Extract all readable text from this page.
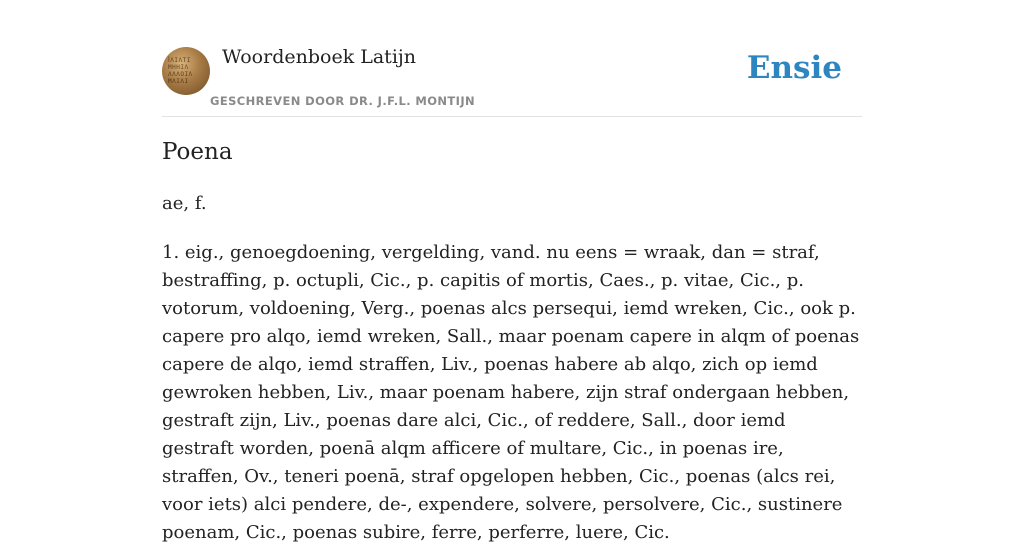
ꟾΛΙΛΤΙ ΜΗΗΙΛ ΛΛΛΟΙΛ ΜΛΙΛΙ
Woordenboek Latijn
GESCHREVEN DOOR DR. J.F.L. MONTIJN
Ensie
Poena
ae, f.

1. eig., genoegdoening, vergelding, vand. nu eens = wraak, dan = straf, bestraffing, p. octupli, Cic., p. capitis of mortis, Caes., p. vitae, Cic., p. votorum, voldoening, Verg., poenas alcs persequi, iemd wreken, Cic., ook p. capere pro alqo, iemd wreken, Sall., maar poenam capere in alqm of poenas capere de alqo, iemd straffen, Liv., poenas habere ab alqo, zich op iemd gewroken hebben, Liv., maar poenam habere, zijn straf ondergaan hebben, gestraft zijn, Liv., poenas dare alci, Cic., of reddere, Sall., door iemd gestraft worden, poenā alqm afficere of multare, Cic., in poenas ire, straffen, Ov., teneri poenā, straf opgelopen hebben, Cic., poenas (alcs rei, voor iets) alci pendere, de-, expendere, solvere, persolvere, Cic., sustinere poenam, Cic., poenas subire, ferre, perferre, luere, Cic.
